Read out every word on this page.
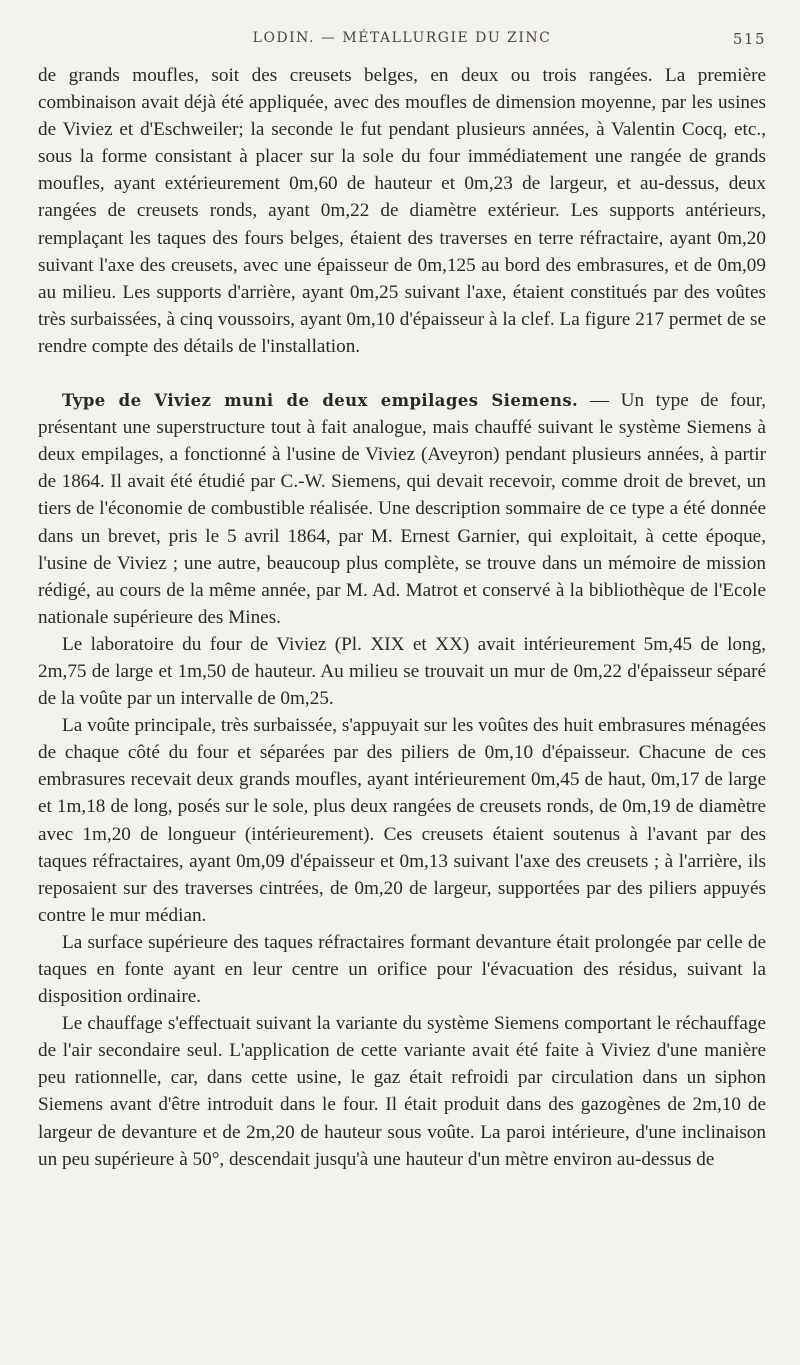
LODIN. — MÉTALLURGIE DU ZINC	515

de grands moufles, soit des creusets belges, en deux ou trois rangées. La première combinaison avait déjà été appliquée, avec des moufles de dimension moyenne, par les usines de Viviez et d'Eschweiler; la seconde le fut pendant plusieurs années, à Valentin Cocq, etc., sous la forme consistant à placer sur la sole du four immédiatement une rangée de grands moufles, ayant extérieurement 0m,60 de hauteur et 0m,23 de largeur, et au-dessus, deux rangées de creusets ronds, ayant 0m,22 de diamètre extérieur. Les supports antérieurs, remplaçant les taques des fours belges, étaient des traverses en terre réfractaire, ayant 0m,20 suivant l'axe des creusets, avec une épaisseur de 0m,125 au bord des embrasures, et de 0m,09 au milieu. Les supports d'arrière, ayant 0m,25 suivant l'axe, étaient constitués par des voûtes très surbaissées, à cinq voussoirs, ayant 0m,10 d'épaisseur à la clef. La figure 217 permet de se rendre compte des détails de l'installation.

Type de Viviez muni de deux empilages Siemens. — Un type de four, présentant une superstructure tout à fait analogue, mais chauffé suivant le système Siemens à deux empilages, a fonctionné à l'usine de Viviez (Aveyron) pendant plusieurs années, à partir de 1864. Il avait été étudié par C.-W. Siemens, qui devait recevoir, comme droit de brevet, un tiers de l'économie de combustible réalisée. Une description sommaire de ce type a été donnée dans un brevet, pris le 5 avril 1864, par M. Ernest Garnier, qui exploitait, à cette époque, l'usine de Viviez ; une autre, beaucoup plus complète, se trouve dans un mémoire de mission rédigé, au cours de la même année, par M. Ad. Matrot et conservé à la bibliothèque de l'Ecole nationale supérieure des Mines.

Le laboratoire du four de Viviez (Pl. XIX et XX) avait intérieurement 5m,45 de long, 2m,75 de large et 1m,50 de hauteur. Au milieu se trouvait un mur de 0m,22 d'épaisseur séparé de la voûte par un intervalle de 0m,25.

La voûte principale, très surbaissée, s'appuyait sur les voûtes des huit embrasures ménagées de chaque côté du four et séparées par des piliers de 0m,10 d'épaisseur. Chacune de ces embrasures recevait deux grands moufles, ayant intérieurement 0m,45 de haut, 0m,17 de large et 1m,18 de long, posés sur le sole, plus deux rangées de creusets ronds, de 0m,19 de diamètre avec 1m,20 de longueur (intérieurement). Ces creusets étaient soutenus à l'avant par des taques réfractaires, ayant 0m,09 d'épaisseur et 0m,13 suivant l'axe des creusets ; à l'arrière, ils reposaient sur des traverses cintrées, de 0m,20 de largeur, supportées par des piliers appuyés contre le mur médian.

La surface supérieure des taques réfractaires formant devanture était prolongée par celle de taques en fonte ayant en leur centre un orifice pour l'évacuation des résidus, suivant la disposition ordinaire.

Le chauffage s'effectuait suivant la variante du système Siemens comportant le réchauffage de l'air secondaire seul. L'application de cette variante avait été faite à Viviez d'une manière peu rationnelle, car, dans cette usine, le gaz était refroidi par circulation dans un siphon Siemens avant d'être introduit dans le four. Il était produit dans des gazogènes de 2m,10 de largeur de devanture et de 2m,20 de hauteur sous voûte. La paroi intérieure, d'une inclinaison un peu supérieure à 50°, descendait jusqu'à une hauteur d'un mètre environ au-dessus de
